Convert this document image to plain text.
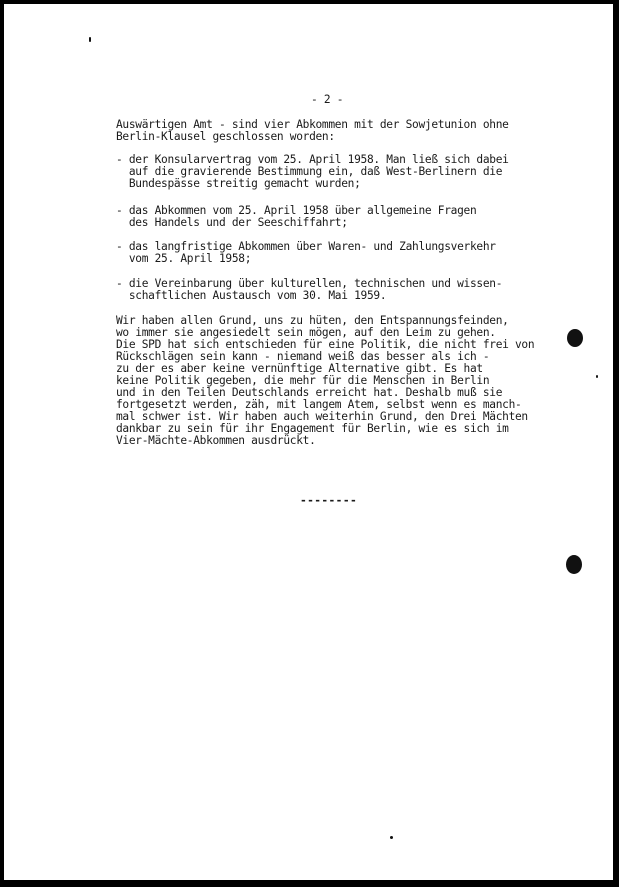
- 2 -
Auswärtigen Amt - sind vier Abkommen mit der Sowjetunion ohne
Berlin-Klausel geschlossen worden:
- der Konsularvertrag vom 25. April 1958. Man ließ sich dabei
auf die gravierende Bestimmung ein, daß West-Berlinern die
Bundespässe streitig gemacht wurden;
- das Abkommen vom 25. April 1958 über allgemeine Fragen
des Handels und der Seeschiffahrt;
- das langfristige Abkommen über Waren- und Zahlungsverkehr
vom 25. April 1958;
- die Vereinbarung über kulturellen, technischen und wissen-
schaftlichen Austausch vom 30. Mai 1959.
Wir haben allen Grund, uns zu hüten, den Entspannungsfeinden,
wo immer sie angesiedelt sein mögen, auf den Leim zu gehen.
Die SPD hat sich entschieden für eine Politik, die nicht frei von
Rückschlägen sein kann - niemand weiß das besser als ich -
zu der es aber keine vernünftige Alternative gibt. Es hat
keine Politik gegeben, die mehr für die Menschen in Berlin
und in den Teilen Deutschlands erreicht hat. Deshalb muß sie
fortgesetzt werden, zäh, mit langem Atem, selbst wenn es manch-
mal schwer ist. Wir haben auch weiterhin Grund, den Drei Mächten
dankbar zu sein für ihr Engagement für Berlin, wie es sich im
Vier-Mächte-Abkommen ausdrückt.
--------
